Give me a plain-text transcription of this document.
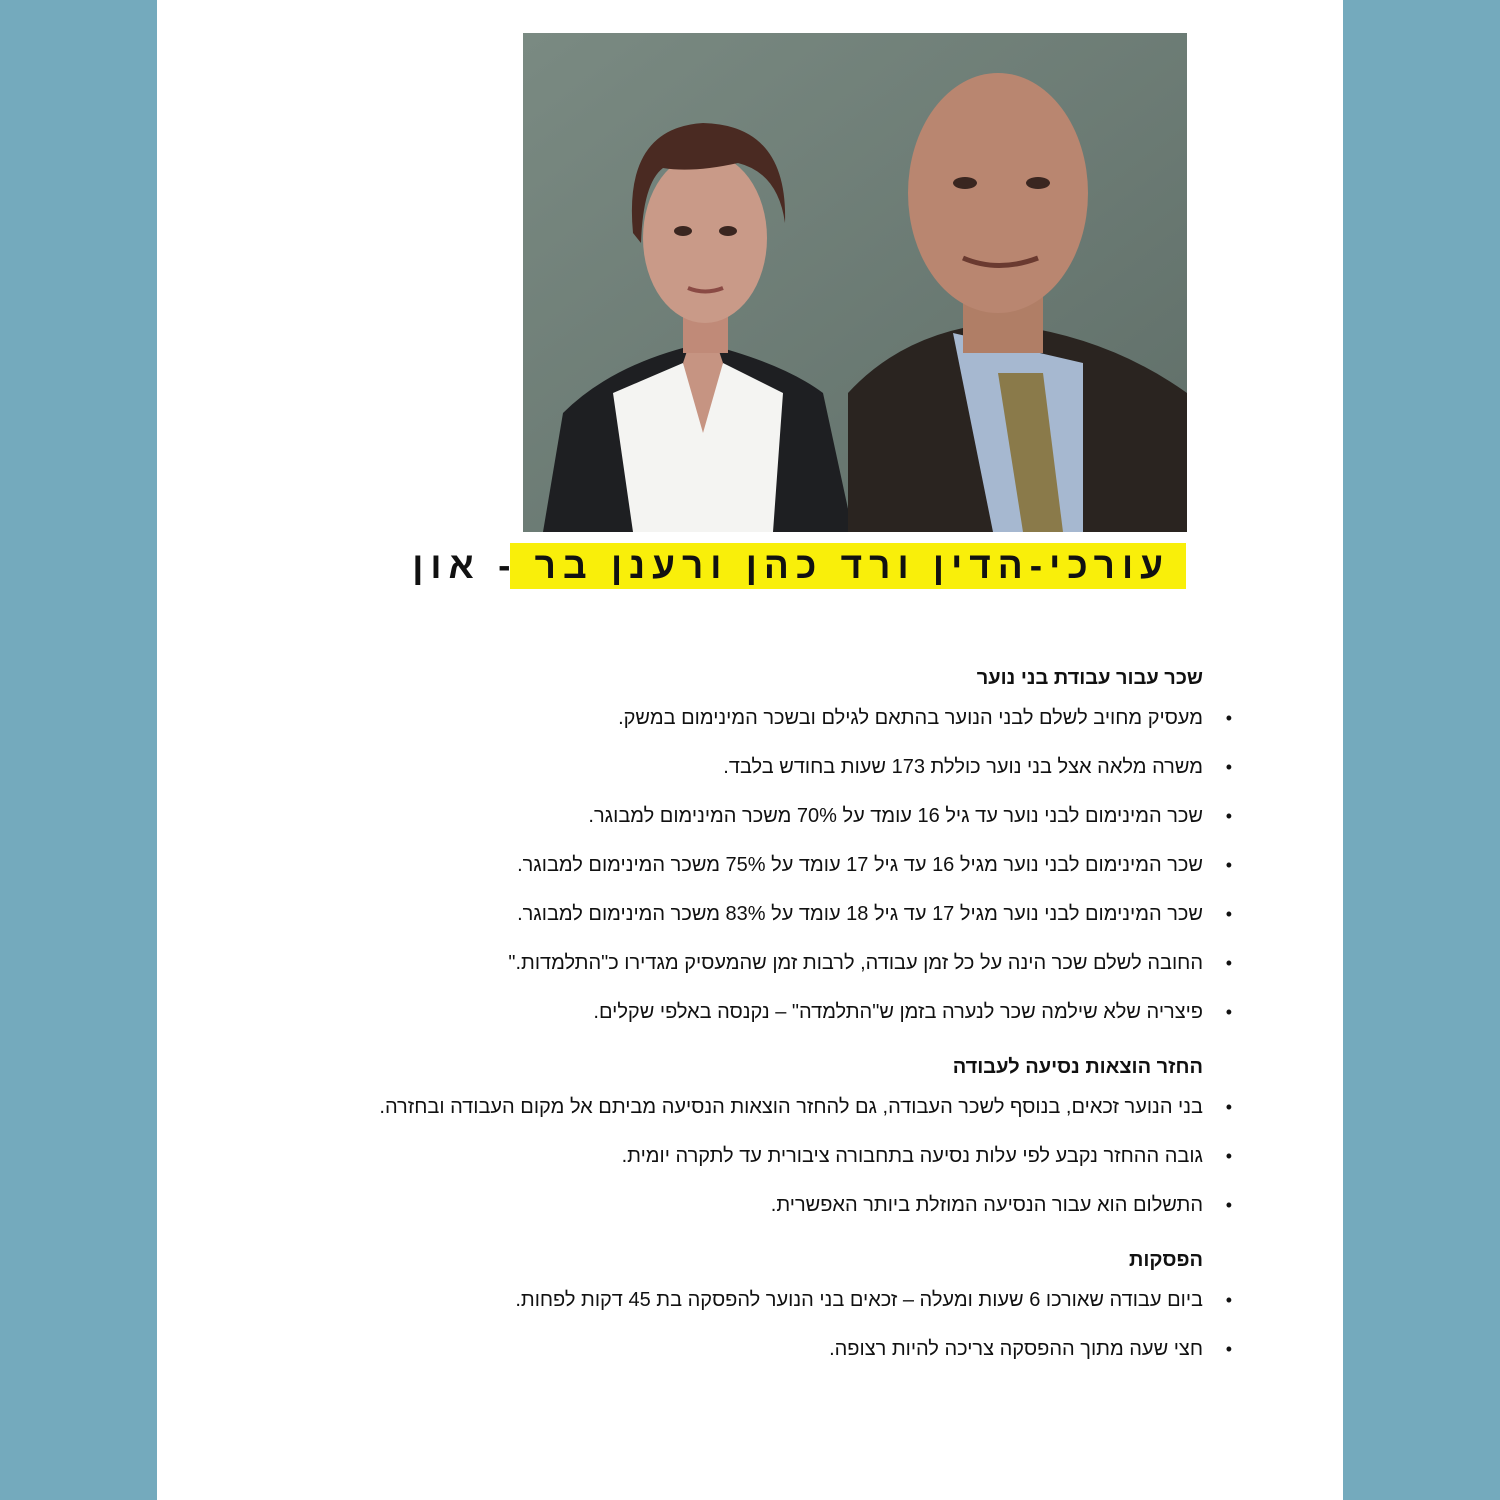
עורכי-הדין ורד כהן ורענן בר - און
שכר עבור עבודת בני נוער
•
מעסיק מחויב לשלם לבני הנוער בהתאם לגילם ובשכר המינימום במשק.
•
משרה מלאה אצל בני נוער כוללת 173 שעות בחודש בלבד.
•
שכר המינימום לבני נוער עד גיל 16 עומד על 70% משכר המינימום למבוגר.
•
שכר המינימום לבני נוער מגיל 16 עד גיל 17 עומד על 75% משכר המינימום למבוגר.
•
שכר המינימום לבני נוער מגיל 17 עד גיל 18 עומד על 83% משכר המינימום למבוגר.
•
החובה לשלם שכר הינה על כל זמן עבודה, לרבות זמן שהמעסיק מגדירו כ"התלמדות."
•
פיצריה שלא שילמה שכר לנערה בזמן ש"התלמדה" – נקנסה באלפי שקלים.
החזר הוצאות נסיעה לעבודה
•
בני הנוער זכאים, בנוסף לשכר העבודה, גם להחזר הוצאות הנסיעה מביתם אל מקום העבודה ובחזרה.
•
גובה ההחזר נקבע לפי עלות נסיעה בתחבורה ציבורית עד לתקרה יומית.
•
התשלום הוא עבור הנסיעה המוזלת ביותר האפשרית.
הפסקות
•
ביום עבודה שאורכו 6 שעות ומעלה – זכאים בני הנוער להפסקה בת 45 דקות לפחות.
•
חצי שעה מתוך ההפסקה צריכה להיות רצופה.
